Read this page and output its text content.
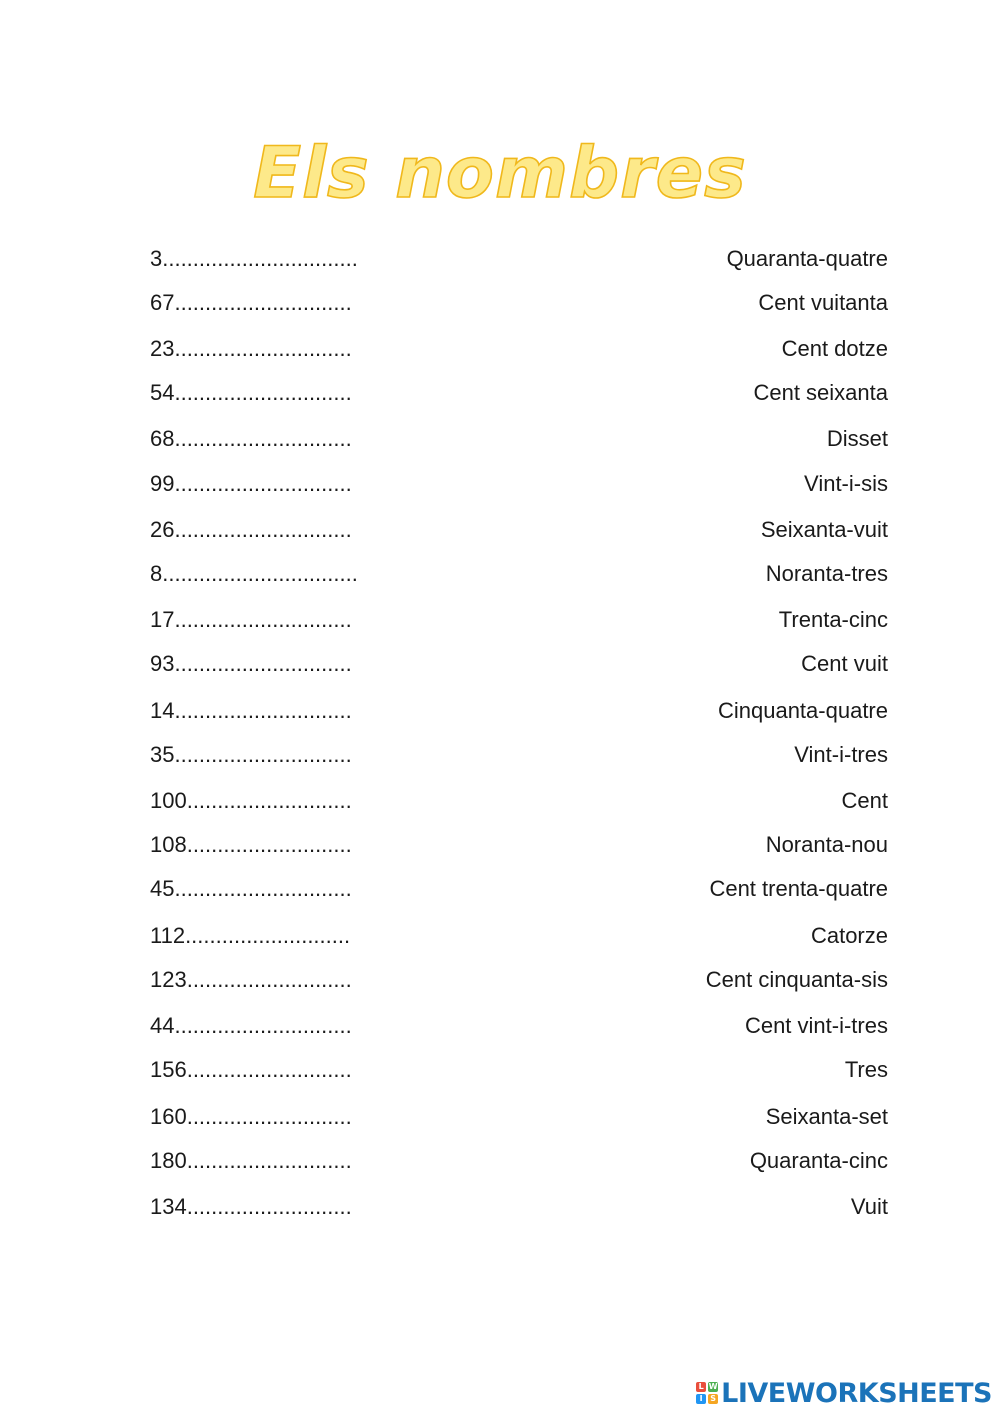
Els nombres
3................................	Quaranta-quatre
67.............................	Cent vuitanta
23.............................	Cent dotze
54.............................	Cent seixanta
68.............................	Disset
99.............................	Vint-i-sis
26.............................	Seixanta-vuit
8................................	Noranta-tres
17.............................	Trenta-cinc
93.............................	Cent vuit
14.............................	Cinquanta-quatre
35.............................	Vint-i-tres
100...........................	Cent
108...........................	Noranta-nou
45.............................	Cent trenta-quatre
112...........................	Catorze
123...........................	Cent cinquanta-sis
44.............................	Cent vint-i-tres
156...........................	Tres
160...........................	Seixanta-set
180...........................	Quaranta-cinc
134...........................	Vuit
L W
I S LIVEWORKSHEETS
